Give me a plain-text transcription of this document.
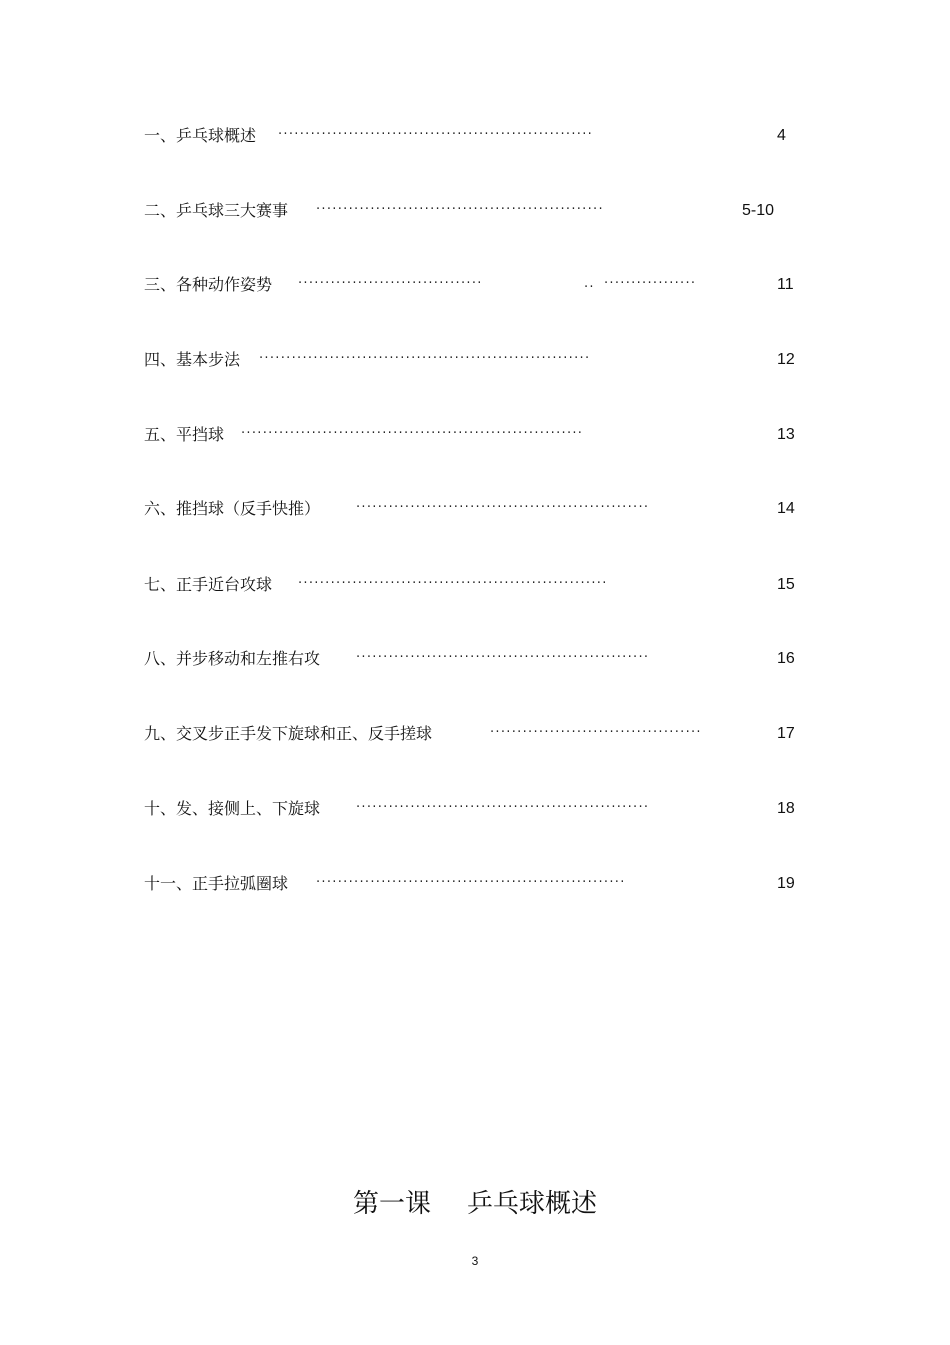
一、乒乓球概述 ··························································	4
二、乒乓球三大赛事 ·····················································	5-10
三、各种动作姿势 ··································	.. ·················	11
四、基本步法 ·····························································	12
五、平挡球 ·······························································	13
六、推挡球（反手快推）	······················································	14
七、正手近台攻球 ·························································	15
八、并步移动和左推右攻	······················································	16
九、交叉步正手发下旋球和正、反手搓球	·······································	17
十、发、接侧上、下旋球	······················································	18
十一、正手拉弧圈球 ·························································	19
第一课 乒乓球概述
3
